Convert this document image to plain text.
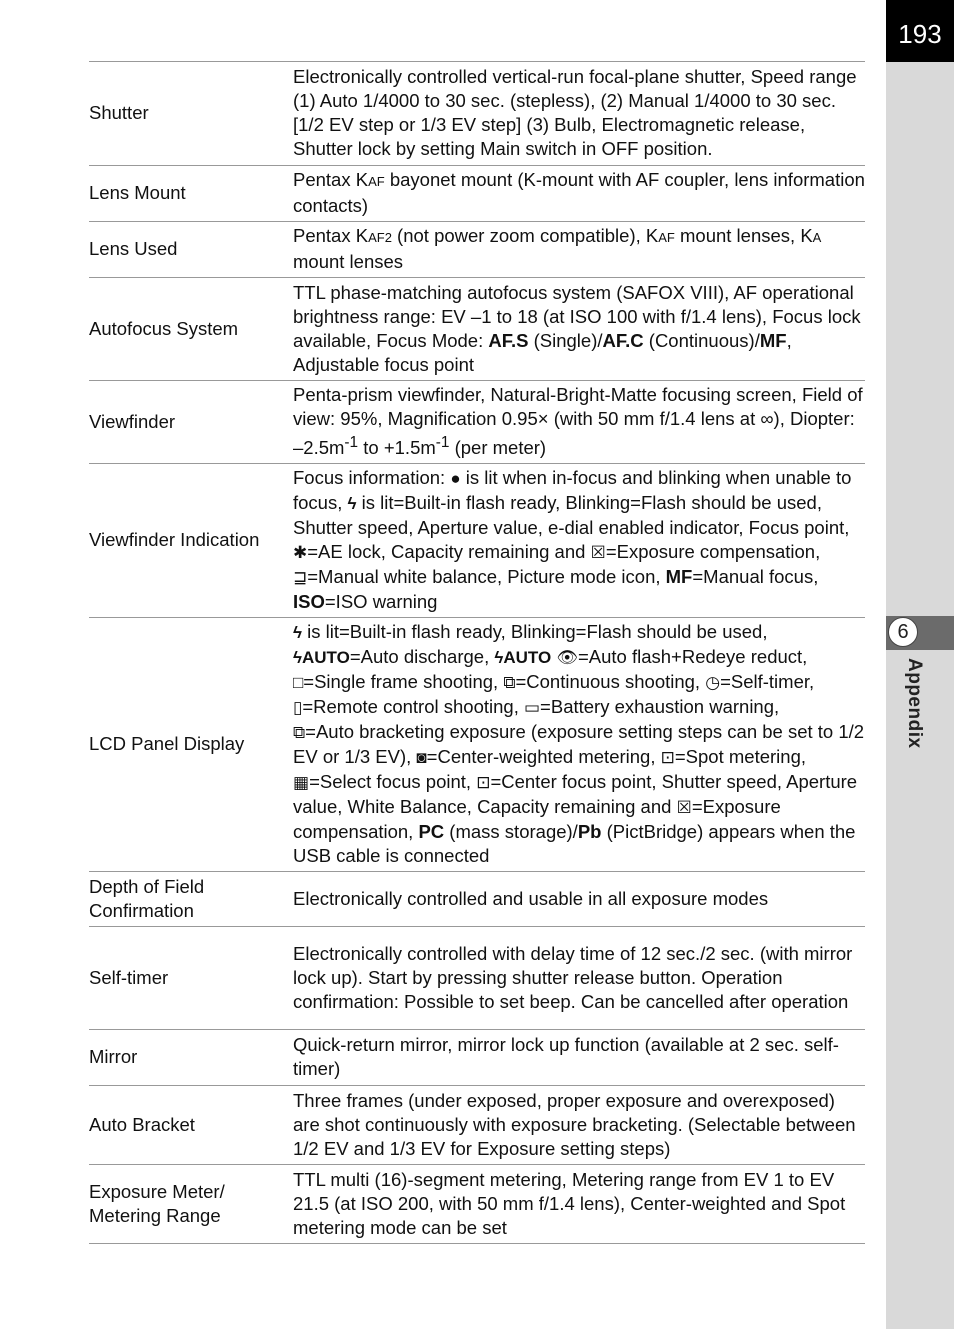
193
6
Appendix
Shutter	Electronically controlled vertical-run focal-plane shutter, Speed range (1) Auto 1/4000 to 30 sec. (stepless), (2) Manual 1/4000 to 30 sec. [1/2 EV step or 1/3 EV step] (3) Bulb, Electromagnetic release, Shutter lock by setting Main switch in OFF position.
Lens Mount	Pentax KAF bayonet mount (K-mount with AF coupler, lens information contacts)
Lens Used	Pentax KAF2 (not power zoom compatible), KAF mount lenses, KA mount lenses
Autofocus System	TTL phase-matching autofocus system (SAFOX VIII), AF operational brightness range: EV –1 to 18 (at ISO 100 with f/1.4 lens), Focus lock available, Focus Mode: AF.S (Single)/AF.C (Continuous)/MF, Adjustable focus point
Viewfinder	Penta-prism viewfinder, Natural-Bright-Matte focusing screen, Field of view: 95%, Magnification 0.95× (with 50 mm f/1.4 lens at ∞), Diopter: $-2.5m^{-1}$ to $+1.5m^{-1}$ (per meter)
Viewfinder Indication	Focus information: ● is lit when in-focus and blinking when unable to focus, ϟ is lit=Built-in flash ready, Blinking=Flash should be used, Shutter speed, Aperture value, e-dial enabled indicator, Focus point, ✱=AE lock, Capacity remaining and ☒=Exposure compensation, ⊒=Manual white balance, Picture mode icon, MF=Manual focus, ISO=ISO warning
LCD Panel Display	ϟ is lit=Built-in flash ready, Blinking=Flash should be used,
ϟAUTO=Auto discharge, ϟAUTO 👁=Auto flash+Redeye reduct,
□=Single frame shooting, ⧉=Continuous shooting, ◷=Self-timer,
▯=Remote control shooting, ▭=Battery exhaustion warning,
⧉=Auto bracketing exposure (exposure setting steps can be set to 1/2 EV or 1/3 EV), ◙=Center-weighted metering, ⊡=Spot metering, ▦=Select focus point, ⊡=Center focus point, Shutter speed, Aperture value, White Balance, Capacity remaining and ☒=Exposure compensation, PC (mass storage)/Pb (PictBridge) appears when the USB cable is connected
Depth of Field Confirmation	Electronically controlled and usable in all exposure modes
Self-timer	Electronically controlled with delay time of 12 sec./2 sec. (with mirror lock up). Start by pressing shutter release button. Operation confirmation: Possible to set beep. Can be cancelled after operation
Mirror	Quick-return mirror, mirror lock up function (available at 2 sec. self-timer)
Auto Bracket	Three frames (under exposed, proper exposure and overexposed) are shot continuously with exposure bracketing. (Selectable between 1/2 EV and 1/3 EV for Exposure setting steps)
Exposure Meter/ Metering Range	TTL multi (16)-segment metering, Metering range from EV 1 to EV 21.5 (at ISO 200, with 50 mm f/1.4 lens), Center-weighted and Spot metering mode can be set
